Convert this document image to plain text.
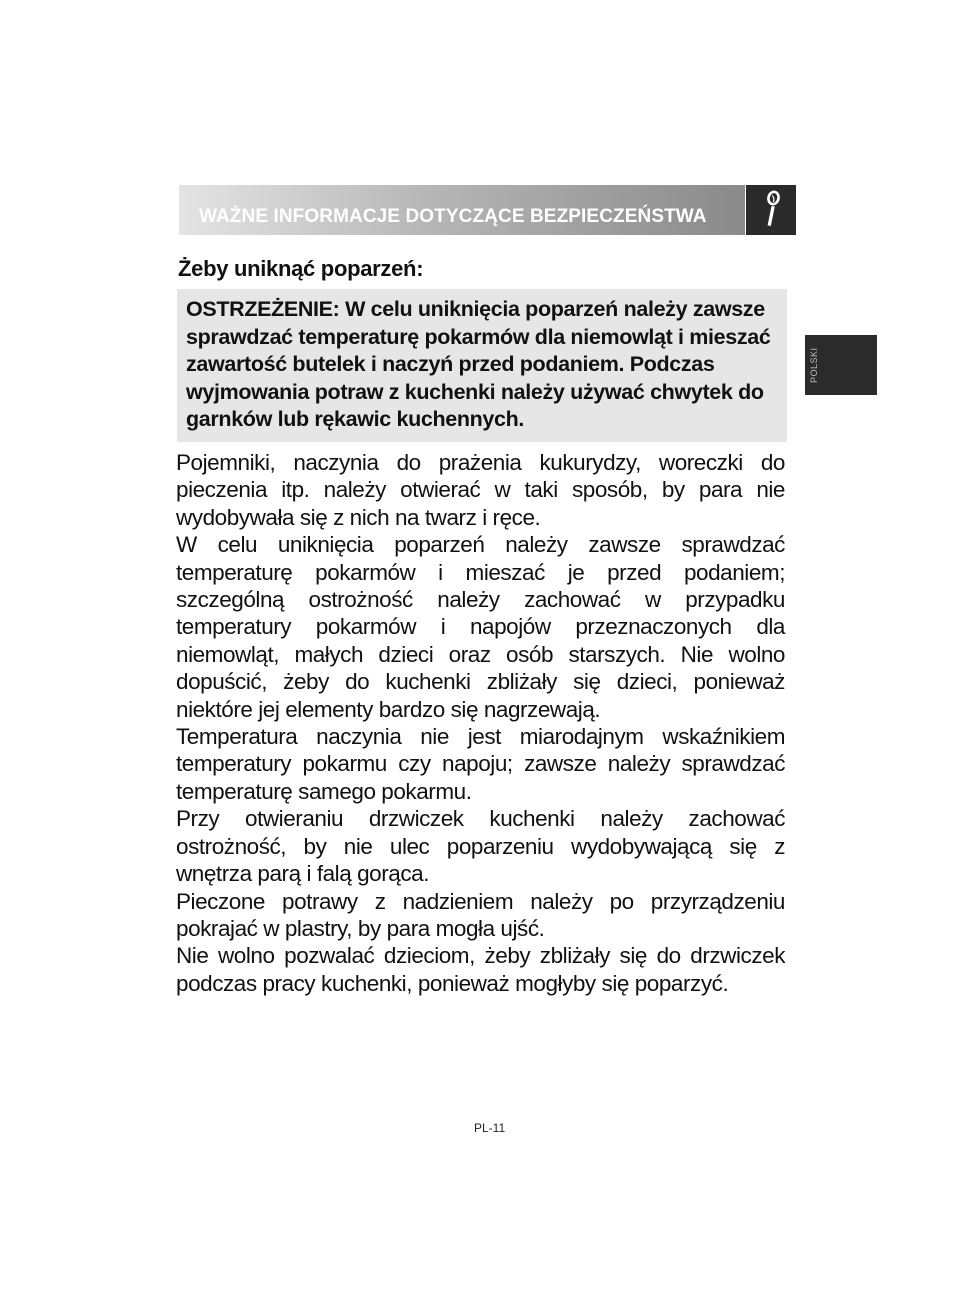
WAŻNE INFORMACJE DOTYCZĄCE BEZPIECZEŃSTWA
POLSKI
Żeby uniknąć poparzeń:
OSTRZEŻENIE: W celu uniknięcia poparzeń należy zawsze sprawdzać temperaturę pokarmów dla niemowląt i mieszać zawartość butelek i naczyń przed podaniem. Podczas wyjmowania potraw z kuchenki należy używać chwytek do garnków lub rękawic kuchennych.

Pojemniki, naczynia do prażenia kukurydzy, woreczki do pieczenia itp. należy otwierać w taki sposób, by para nie wydobywała się z nich na twarz i ręce.

W celu uniknięcia poparzeń należy zawsze sprawdzać temperaturę pokarmów i mieszać je przed podaniem; szczególną ostrożność należy zachować w przypadku temperatury pokarmów i napojów przeznaczonych dla niemowląt, małych dzieci oraz osób starszych. Nie wolno dopuścić, żeby do kuchenki zbliżały się dzieci, ponieważ niektóre jej elementy bardzo się nagrzewają.

Temperatura naczynia nie jest miarodajnym wskaźnikiem temperatury pokarmu czy napoju; zawsze należy sprawdzać temperaturę samego pokarmu.

Przy otwieraniu drzwiczek kuchenki należy zachować ostrożność, by nie ulec poparzeniu wydobywającą się z wnętrza parą i falą gorąca.

Pieczone potrawy z nadzieniem należy po przyrządzeniu pokrajać w plastry, by para mogła ujść.

Nie wolno pozwalać dzieciom, żeby zbliżały się do drzwiczek podczas pracy kuchenki, ponieważ mogłyby się poparzyć.

PL-11
